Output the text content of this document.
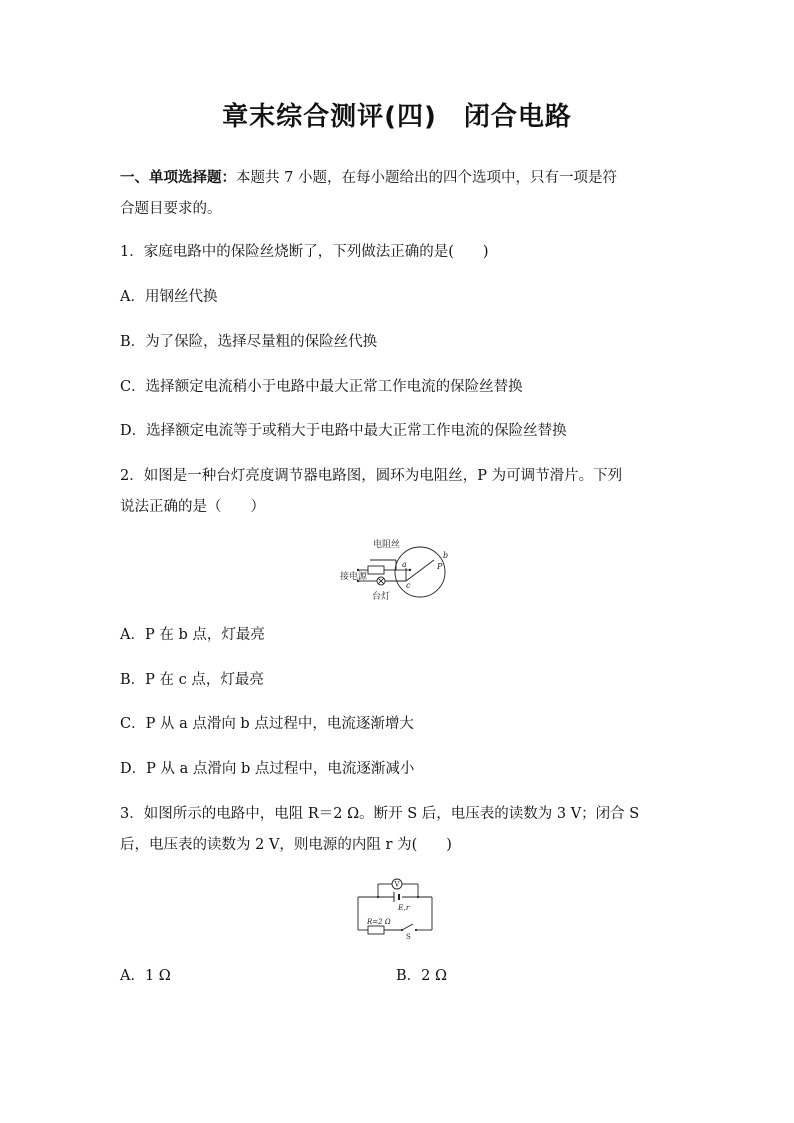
章末综合测评(四)　闭合电路
一、单项选择题：本题共 7 小题，在每小题给出的四个选项中，只有一项是符
合题目要求的。
1．家庭电路中的保险丝烧断了，下列做法正确的是(　　)
A．用钢丝代换
B．为了保险，选择尽量粗的保险丝代换
C．选择额定电流稍小于电路中最大正常工作电流的保险丝替换
D．选择额定电流等于或稍大于电路中最大正常工作电流的保险丝替换
2．如图是一种台灯亮度调节器电路图，圆环为电阻丝，P 为可调节滑片。下列
说法正确的是（　　）
电阻丝
接电源
台灯
a
b
c
P
A．P 在 b 点，灯最亮
B．P 在 c 点，灯最亮
C．P 从 a 点滑向 b 点过程中，电流逐渐增大
D．P 从 a 点滑向 b 点过程中，电流逐渐减小
3．如图所示的电路中，电阻 R＝2 Ω。断开 S 后，电压表的读数为 3 V；闭合 S
后，电压表的读数为 2 V，则电源的内阻 r 为(　　)
V
E,r
R=2 Ω
S
A．1 Ω	B．2 Ω
